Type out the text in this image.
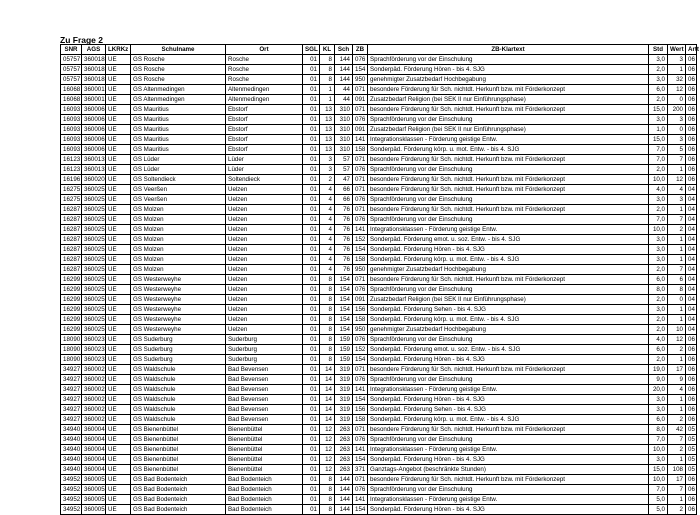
Zu Frage 2
SNR	AGS	LKRKz	Schulname	Ort	SGL	KL	Sch	ZB	ZB-Klartext	Std	Wert	Artt
05757	360018	UE	GS Rosche	Rosche	01	8	144	076	Sprachförderung vor der Einschulung	3,0	3	06
05757	360018	UE	GS Rosche	Rosche	01	8	144	154	Sonderpäd. Förderung Hören - bis 4. SJG	2,0	1	06
05757	360018	UE	GS Rosche	Rosche	01	8	144	950	genehmigter Zusatzbedarf Hochbegabung	3,0	32	06
16068	360001	UE	GS Altenmedingen	Altenmedingen	01	1	44	071	besondere Förderung für Sch. nichtdt. Herkunft bzw. mit Förderkonzept	6,0	12	06
16068	360001	UE	GS Altenmedingen	Altenmedingen	01	1	44	091	Zusatzbedarf Religion (bei SEK II nur Einführungsphase)	2,0	0	06
16093	360006	UE	GS Mauritius	Ebstorf	01	13	310	071	besondere Förderung für Sch. nichtdt. Herkunft bzw. mit Förderkonzept	15,0	200	06
16093	360006	UE	GS Mauritius	Ebstorf	01	13	310	076	Sprachförderung vor der Einschulung	3,0	3	06
16093	360006	UE	GS Mauritius	Ebstorf	01	13	310	091	Zusatzbedarf Religion (bei SEK II nur Einführungsphase)	1,0	0	06
16093	360006	UE	GS Mauritius	Ebstorf	01	13	310	141	Integrationsklassen - Förderung geistige Entw.	15,0	3	06
16093	360006	UE	GS Mauritius	Ebstorf	01	13	310	158	Sonderpäd. Förderung körp. u. mot. Entw. - bis 4. SJG	7,0	5	06
16123	360013	UE	GS Lüder	Lüder	01	3	57	071	besondere Förderung für Sch. nichtdt. Herkunft bzw. mit Förderkonzept	7,0	7	06
16123	360013	UE	GS Lüder	Lüder	01	3	57	076	Sprachförderung vor der Einschulung	2,0	1	06
16196	360020	UE	GS Soltendieck	Soltendieck	01	2	47	071	besondere Förderung für Sch. nichtdt. Herkunft bzw. mit Förderkonzept	10,0	12	06
16275	360025	UE	GS Veerßen	Uelzen	01	4	66	071	besondere Förderung für Sch. nichtdt. Herkunft bzw. mit Förderkonzept	4,0	4	04
16275	360025	UE	GS Veerßen	Uelzen	01	4	66	076	Sprachförderung vor der Einschulung	3,0	3	04
16287	360025	UE	GS Molzen	Uelzen	01	4	76	071	besondere Förderung für Sch. nichtdt. Herkunft bzw. mit Förderkonzept	2,0	1	04
16287	360025	UE	GS Molzen	Uelzen	01	4	76	076	Sprachförderung vor der Einschulung	7,0	7	04
16287	360025	UE	GS Molzen	Uelzen	01	4	76	141	Integrationsklassen - Förderung geistige Entw.	10,0	2	04
16287	360025	UE	GS Molzen	Uelzen	01	4	76	152	Sonderpäd. Förderung emot. u. soz. Entw. - bis 4. SJG	3,0	1	04
16287	360025	UE	GS Molzen	Uelzen	01	4	76	154	Sonderpäd. Förderung Hören - bis 4. SJG	3,0	1	04
16287	360025	UE	GS Molzen	Uelzen	01	4	76	158	Sonderpäd. Förderung körp. u. mot. Entw. - bis 4. SJG	3,0	1	04
16287	360025	UE	GS Molzen	Uelzen	01	4	76	950	genehmigter Zusatzbedarf Hochbegabung	2,0	7	04
16299	360025	UE	GS Westerweyhe	Uelzen	01	8	154	071	besondere Förderung für Sch. nichtdt. Herkunft bzw. mit Förderkonzept	6,0	6	04
16299	360025	UE	GS Westerweyhe	Uelzen	01	8	154	076	Sprachförderung vor der Einschulung	8,0	8	04
16299	360025	UE	GS Westerweyhe	Uelzen	01	8	154	091	Zusatzbedarf Religion (bei SEK II nur Einführungsphase)	2,0	0	04
16299	360025	UE	GS Westerweyhe	Uelzen	01	8	154	156	Sonderpäd. Förderung Sehen - bis 4. SJG	3,0	1	04
16299	360025	UE	GS Westerweyhe	Uelzen	01	8	154	158	Sonderpäd. Förderung körp. u. mot. Entw. - bis 4. SJG	2,0	1	04
16299	360025	UE	GS Westerweyhe	Uelzen	01	8	154	950	genehmigter Zusatzbedarf Hochbegabung	2,0	10	04
18090	360023	UE	GS Suderburg	Suderburg	01	8	159	076	Sprachförderung vor der Einschulung	4,0	12	06
18090	360023	UE	GS Suderburg	Suderburg	01	8	159	152	Sonderpäd. Förderung emot. u. soz. Entw. - bis 4. SJG	6,0	2	06
18090	360023	UE	GS Suderburg	Suderburg	01	8	159	154	Sonderpäd. Förderung Hören - bis 4. SJG	2,0	1	06
34927	360002	UE	GS Waldschule	Bad Bevensen	01	14	319	071	besondere Förderung für Sch. nichtdt. Herkunft bzw. mit Förderkonzept	19,0	17	06
34927	360002	UE	GS Waldschule	Bad Bevensen	01	14	319	076	Sprachförderung vor der Einschulung	9,0	9	06
34927	360002	UE	GS Waldschule	Bad Bevensen	01	14	319	141	Integrationsklassen - Förderung geistige Entw.	20,0	4	06
34927	360002	UE	GS Waldschule	Bad Bevensen	01	14	319	154	Sonderpäd. Förderung Hören - bis 4. SJG	3,0	1	06
34927	360002	UE	GS Waldschule	Bad Bevensen	01	14	319	156	Sonderpäd. Förderung Sehen - bis 4. SJG	3,0	1	06
34927	360002	UE	GS Waldschule	Bad Bevensen	01	14	319	158	Sonderpäd. Förderung körp. u. mot. Entw. - bis 4. SJG	6,0	2	06
34940	360004	UE	GS Bienenbüttel	Bienenbüttel	01	12	263	071	besondere Förderung für Sch. nichtdt. Herkunft bzw. mit Förderkonzept	8,0	42	05
34940	360004	UE	GS Bienenbüttel	Bienenbüttel	01	12	263	076	Sprachförderung vor der Einschulung	7,0	7	05
34940	360004	UE	GS Bienenbüttel	Bienenbüttel	01	12	263	141	Integrationsklassen - Förderung geistige Entw.	10,0	2	05
34940	360004	UE	GS Bienenbüttel	Bienenbüttel	01	12	263	154	Sonderpäd. Förderung Hören - bis 4. SJG	3,0	1	05
34940	360004	UE	GS Bienenbüttel	Bienenbüttel	01	12	263	371	Ganztags-Angebot (beschränkte Stunden)	15,0	108	05
34952	360005	UE	GS Bad Bodenteich	Bad Bodenteich	01	8	144	071	besondere Förderung für Sch. nichtdt. Herkunft bzw. mit Förderkonzept	10,0	17	06
34952	360005	UE	GS Bad Bodenteich	Bad Bodenteich	01	8	144	076	Sprachförderung vor der Einschulung	7,0	7	06
34952	360005	UE	GS Bad Bodenteich	Bad Bodenteich	01	8	144	141	Integrationsklassen - Förderung geistige Entw.	5,0	1	06
34952	360005	UE	GS Bad Bodenteich	Bad Bodenteich	01	8	144	154	Sonderpäd. Förderung Hören - bis 4. SJG	5,0	2	06
